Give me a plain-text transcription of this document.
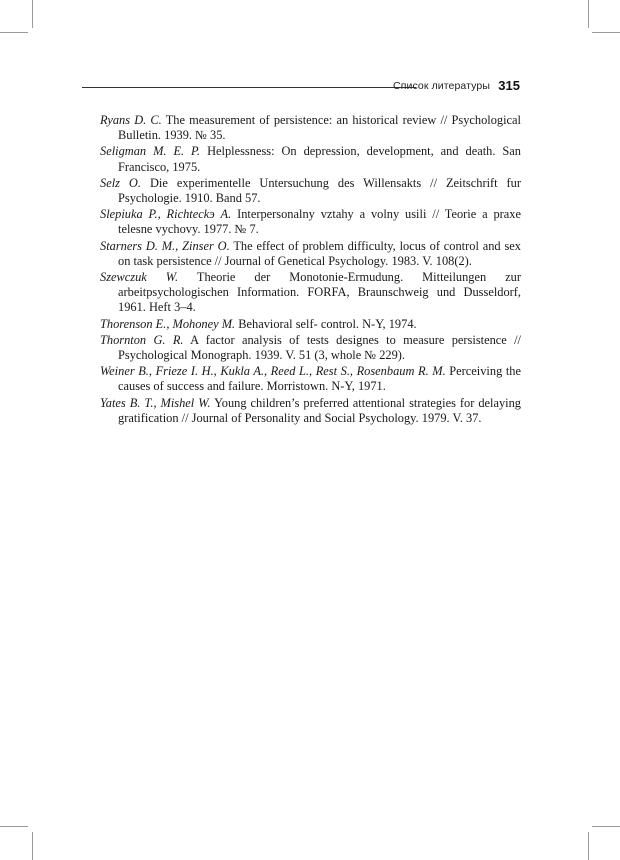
Список литературы 315
Ryans D. C. The measurement of persistence: an historical review // Psychological Bulletin. 1939. № 35.
Seligman M. E. P. Helplessness: On depression, development, and death. San Francisco, 1975.
Selz O. Die experimentelle Untersuchung des Willensakts // Zeitschrift fur Psychologie. 1910. Band 57.
Slepiuka P., Richteckэ A. Interpersonalny vztahy a volny usili // Teorie a praxe telesne vychovy. 1977. № 7.
Starners D. M., Zinser O. The effect of problem difficulty, locus of control and sex on task persistence // Journal of Genetical Psychology. 1983. V. 108(2).
Szewczuk W. Theorie der Monotonie-Ermudung. Mitteilungen zur arbeitpsychologischen Information. FORFA, Braunschweig und Dusseldorf, 1961. Heft 3–4.
Thorenson E., Mohoney M. Behavioral self- control. N-Y, 1974.
Thornton G. R. A factor analysis of tests designes to measure persistence // Psychological Monograph. 1939. V. 51 (3, whole № 229).
Weiner B., Frieze I. H., Kukla A., Reed L., Rest S., Rosenbaum R. M. Perceiving the causes of success and failure. Morristown. N-Y, 1971.
Yates B. T., Mishel W. Young children’s preferred attentional strategies for delaying gratification // Journal of Personality and Social Psychology. 1979. V. 37.
